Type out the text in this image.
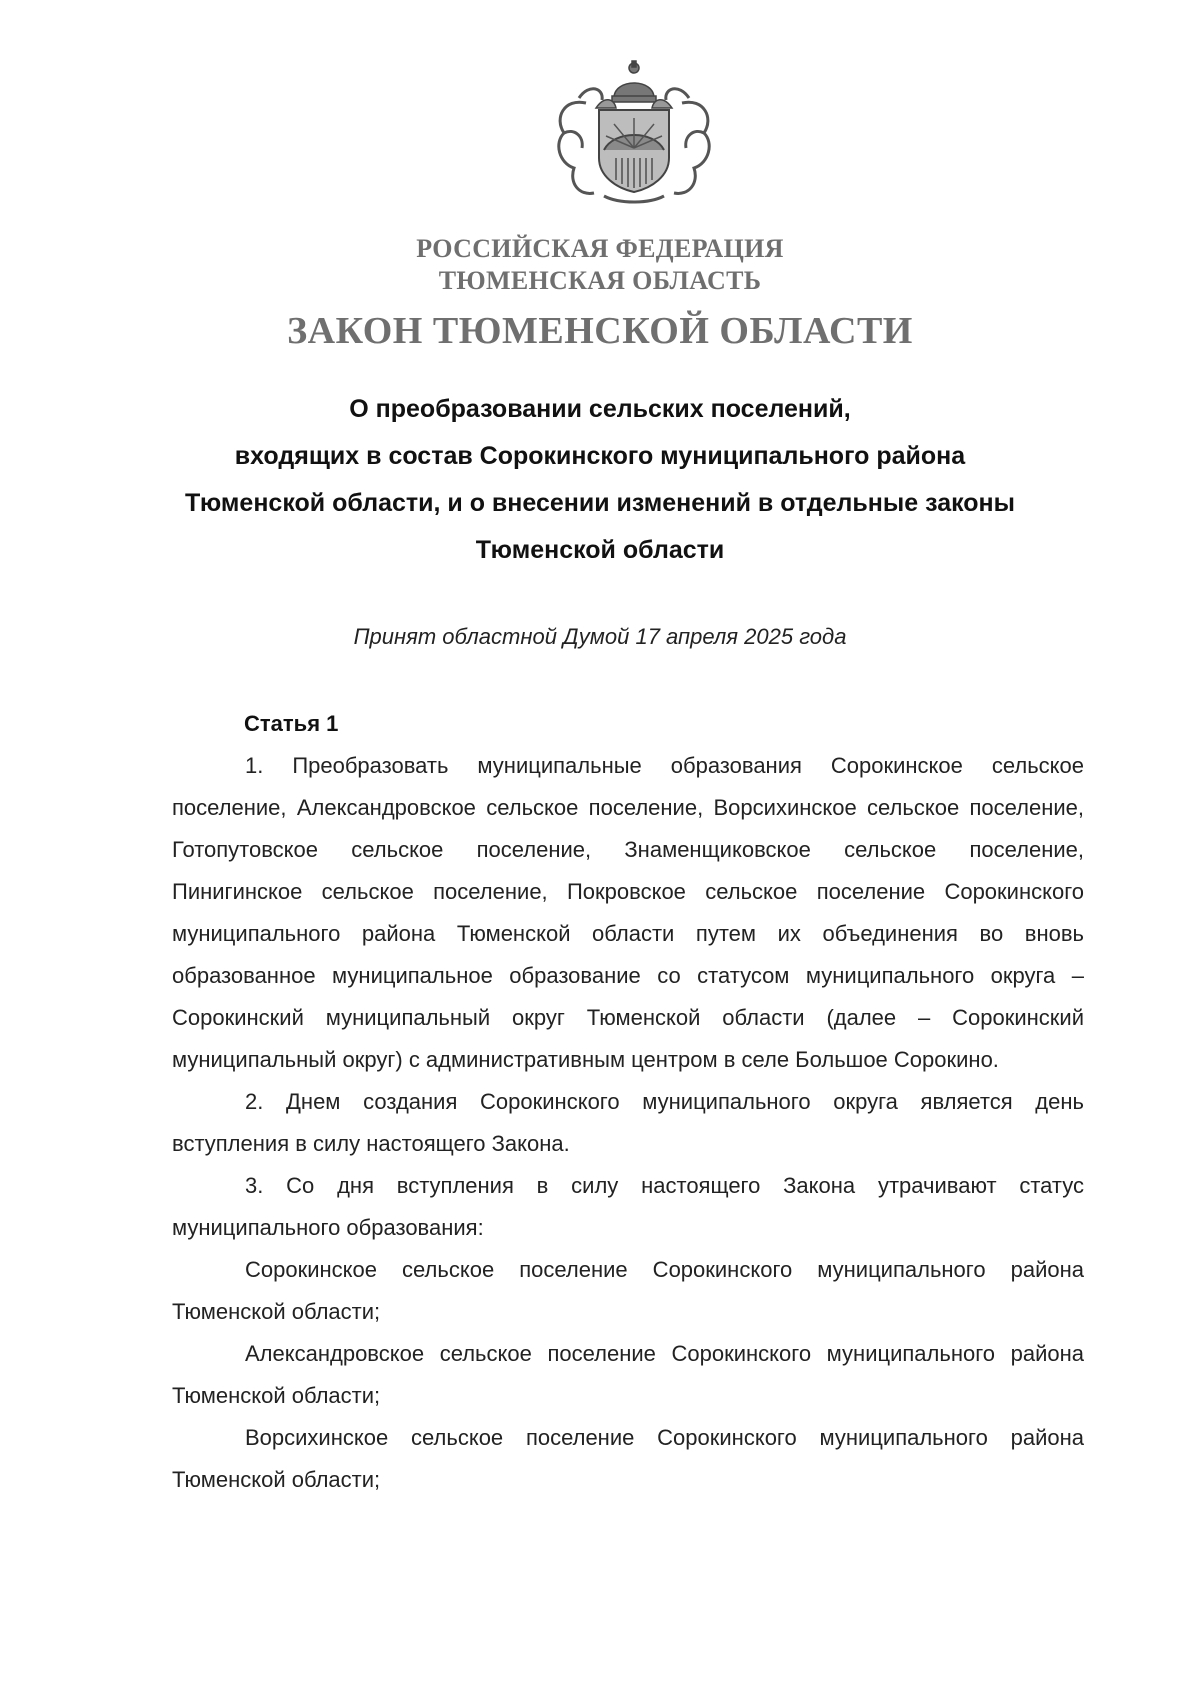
РОССИЙСКАЯ ФЕДЕРАЦИЯ
ТЮМЕНСКАЯ ОБЛАСТЬ
ЗАКОН ТЮМЕНСКОЙ ОБЛАСТИ
О преобразовании сельских поселений,
входящих в состав Сорокинского муниципального района
Тюменской области, и о внесении изменений в отдельные законы
Тюменской области
Принят областной Думой 17 апреля 2025 года
Статья 1

1. Преобразовать муниципальные образования Сорокинское сельское поселение, Александровское сельское поселение, Ворсихинское сельское поселение, Готопутовское сельское поселение, Знаменщиковское сельское поселение, Пинигинское сельское поселение, Покровское сельское поселение Сорокинского муниципального района Тюменской области путем их объединения во вновь образованное муниципальное образование со статусом муниципального округа – Сорокинский муниципальный округ Тюменской области (далее – Сорокинский муниципальный округ) с административным центром в селе Большое Сорокино.

2. Днем создания Сорокинского муниципального округа является день вступления в силу настоящего Закона.

3. Со дня вступления в силу настоящего Закона утрачивают статус муниципального образования:

Сорокинское сельское поселение Сорокинского муниципального района Тюменской области;

Александровское сельское поселение Сорокинского муниципального района Тюменской области;

Ворсихинское сельское поселение Сорокинского муниципального района Тюменской области;
